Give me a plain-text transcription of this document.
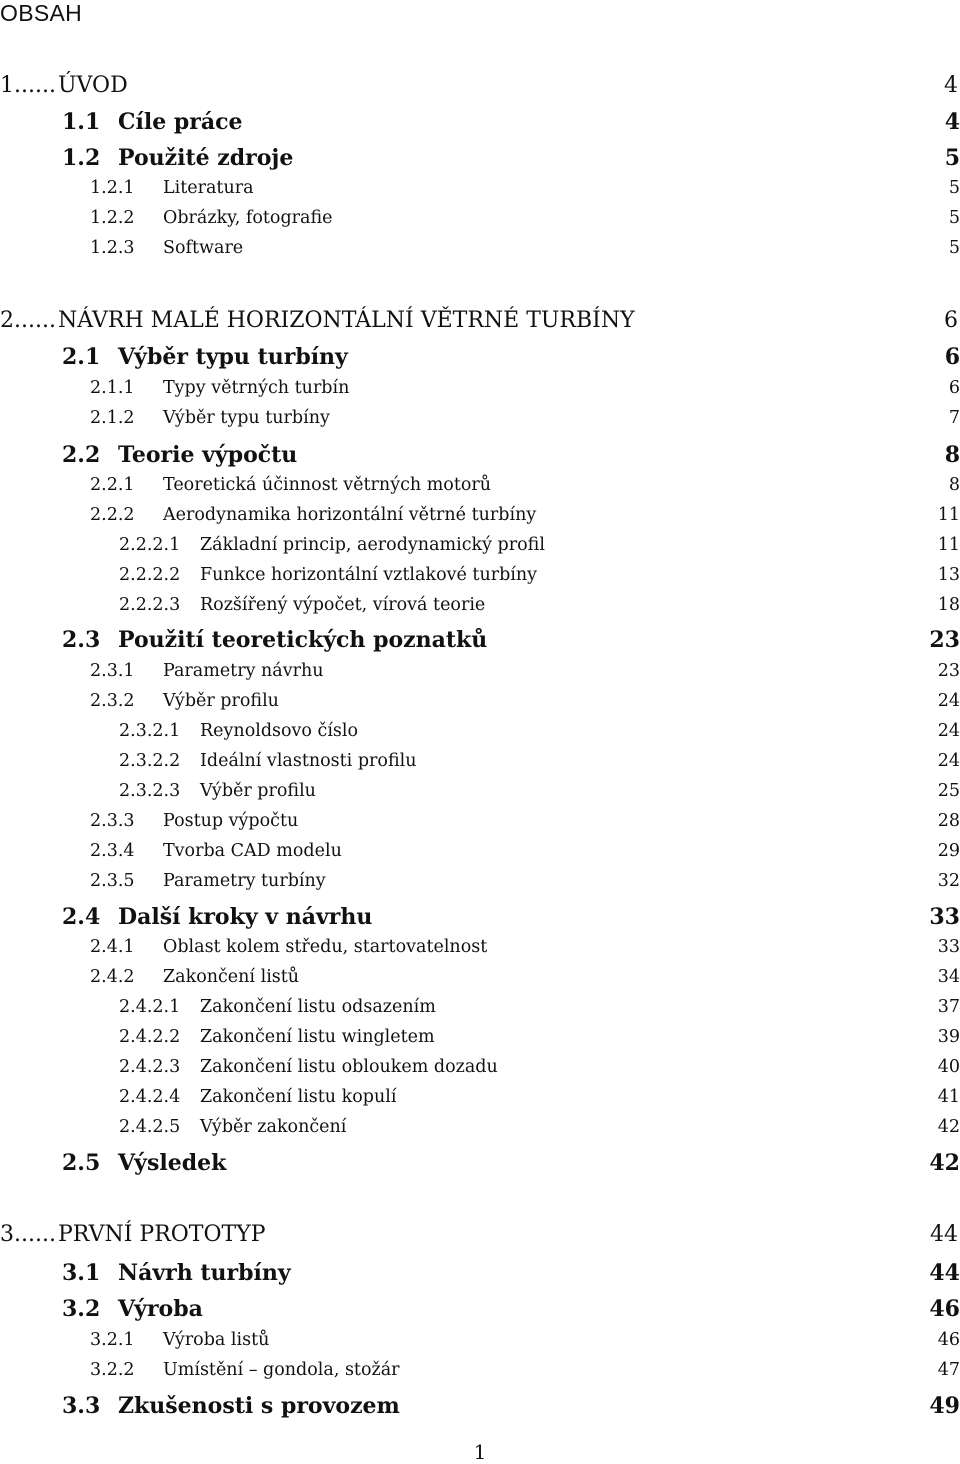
OBSAH
1...... ÚVOD	4
1.1 Cíle práce	4
1.2 Použité zdroje	5
1.2.1 Literatura	5
1.2.2 Obrázky, fotografie	5
1.2.3 Software	5
2...... NÁVRH MALÉ HORIZONTÁLNÍ VĚTRNÉ TURBÍNY	6
2.1 Výběr typu turbíny	6
2.1.1 Typy větrných turbín	6
2.1.2 Výběr typu turbíny	7
2.2 Teorie výpočtu	8
2.2.1 Teoretická účinnost větrných motorů	8
2.2.2 Aerodynamika horizontální větrné turbíny	11
2.2.2.1 Základní princip, aerodynamický profil	11
2.2.2.2 Funkce horizontální vztlakové turbíny	13
2.2.2.3 Rozšířený výpočet, vírová teorie	18
2.3 Použití teoretických poznatků	23
2.3.1 Parametry návrhu	23
2.3.2 Výběr profilu	24
2.3.2.1 Reynoldsovo číslo	24
2.3.2.2 Ideální vlastnosti profilu	24
2.3.2.3 Výběr profilu	25
2.3.3 Postup výpočtu	28
2.3.4 Tvorba CAD modelu	29
2.3.5 Parametry turbíny	32
2.4 Další kroky v návrhu	33
2.4.1 Oblast kolem středu, startovatelnost	33
2.4.2 Zakončení listů	34
2.4.2.1 Zakončení listu odsazením	37
2.4.2.2 Zakončení listu wingletem	39
2.4.2.3 Zakončení listu obloukem dozadu	40
2.4.2.4 Zakončení listu kopulí	41
2.4.2.5 Výběr zakončení	42
2.5 Výsledek	42
3...... PRVNÍ PROTOTYP	44
3.1 Návrh turbíny	44
3.2 Výroba	46
3.2.1 Výroba listů	46
3.2.2 Umístění – gondola, stožár	47
3.3 Zkušenosti s provozem	49
1
